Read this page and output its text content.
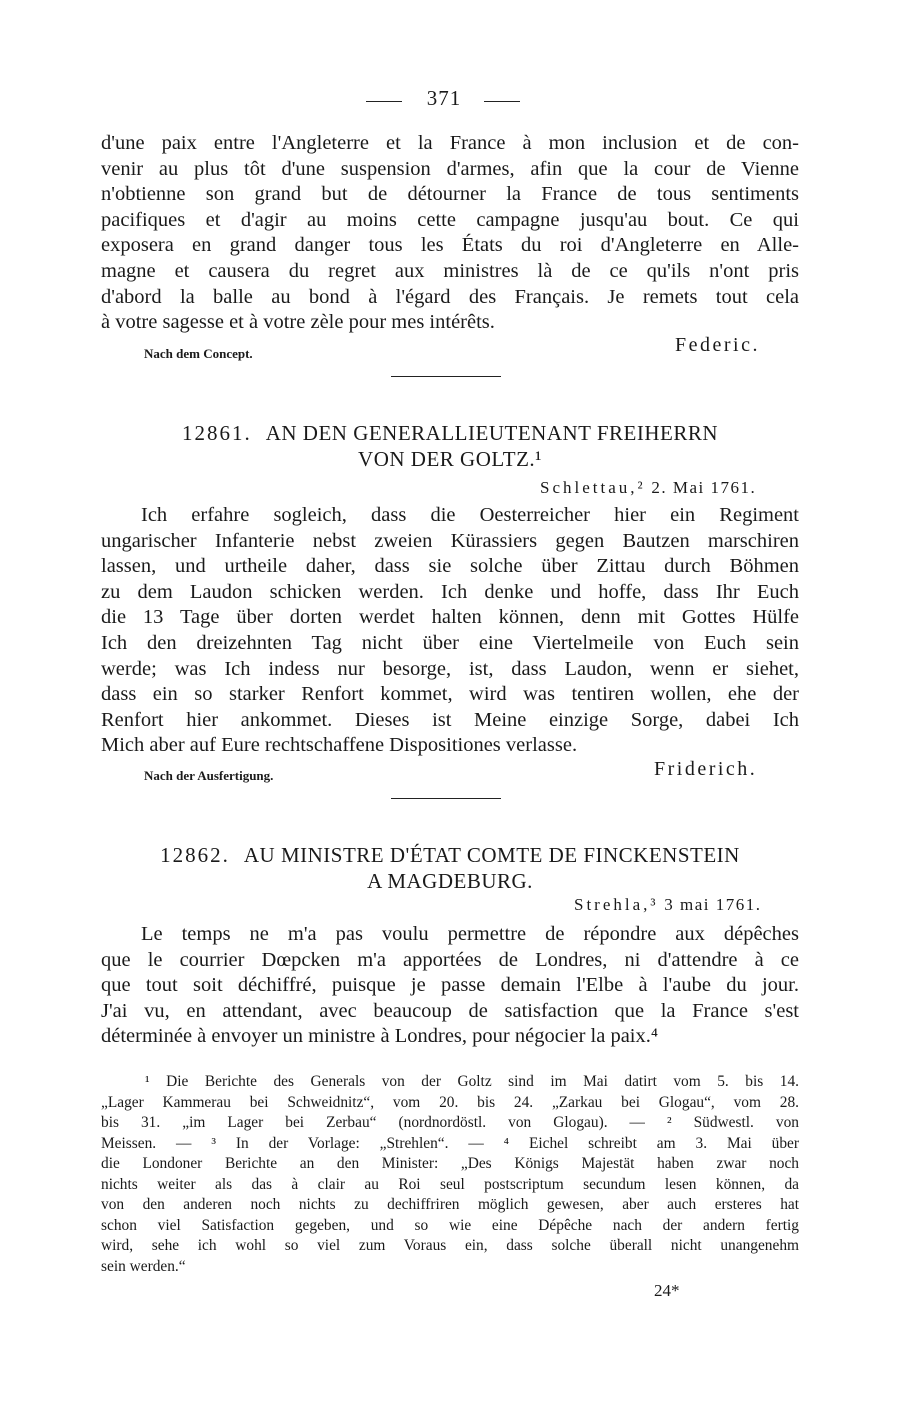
371

d'une paix entre l'Angleterre et la France à mon inclusion et de con-
venir au plus tôt d'une suspension d'armes, afin que la cour de Vienne
n'obtienne son grand but de détourner la France de tous sentiments
pacifiques et d'agir au moins cette campagne jusqu'au bout. Ce qui
exposera en grand danger tous les États du roi d'Angleterre en Alle-
magne et causera du regret aux ministres là de ce qu'ils n'ont pris
d'abord la balle au bond à l'égard des Français. Je remets tout cela
à votre sagesse et à votre zèle pour mes intérêts.

Nach dem Concept.	Federic.
12861. AN DEN GENERALLIEUTENANT FREIHERRN
VON DER GOLTZ.¹
Schlettau,² 2. Mai 1761.

Ich erfahre sogleich, dass die Oesterreicher hier ein Regiment
ungarischer Infanterie nebst zweien Kürassiers gegen Bautzen marschiren
lassen, und urtheile daher, dass sie solche über Zittau durch Böhmen
zu dem Laudon schicken werden. Ich denke und hoffe, dass Ihr Euch
die 13 Tage über dorten werdet halten können, denn mit Gottes Hülfe
Ich den dreizehnten Tag nicht über eine Viertelmeile von Euch sein
werde; was Ich indess nur besorge, ist, dass Laudon, wenn er siehet,
dass ein so starker Renfort kommet, wird was tentiren wollen, ehe der
Renfort hier ankommet. Dieses ist Meine einzige Sorge, dabei Ich
Mich aber auf Eure rechtschaffene Dispositiones verlasse.

Nach der Ausfertigung.	Friderich.
12862. AU MINISTRE D'ÉTAT COMTE DE FINCKENSTEIN
A MAGDEBURG.
Strehla,³ 3 mai 1761.

Le temps ne m'a pas voulu permettre de répondre aux dépêches
que le courrier Dœpcken m'a apportées de Londres, ni d'attendre à ce
que tout soit déchiffré, puisque je passe demain l'Elbe à l'aube du jour.
J'ai vu, en attendant, avec beaucoup de satisfaction que la France s'est
déterminée à envoyer un ministre à Londres, pour négocier la paix.⁴

¹ Die Berichte des Generals von der Goltz sind im Mai datirt vom 5. bis 14.
„Lager Kammerau bei Schweidnitz“, vom 20. bis 24. „Zarkau bei Glogau“, vom 28.
bis 31. „im Lager bei Zerbau“ (nordnordöstl. von Glogau). — ² Südwestl. von
Meissen. — ³ In der Vorlage: „Strehlen“. — ⁴ Eichel schreibt am 3. Mai über
die Londoner Berichte an den Minister: „Des Königs Majestät haben zwar noch
nichts weiter als das à clair au Roi seul postscriptum secundum lesen können, da
von den anderen noch nichts zu dechiffriren möglich gewesen, aber auch ersteres hat
schon viel Satisfaction gegeben, und so wie eine Dépêche nach der andern fertig
wird, sehe ich wohl so viel zum Voraus ein, dass solche überall nicht unangenehm
sein werden.“
24*
